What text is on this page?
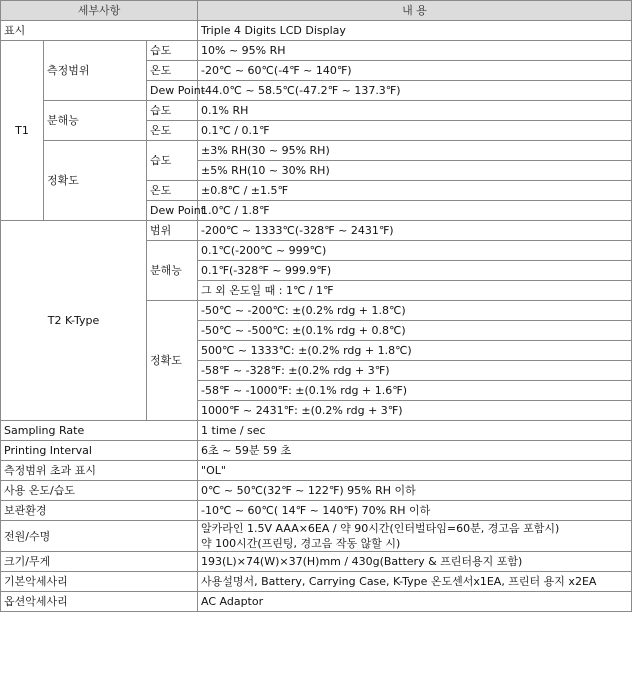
세부사항			내 용
표시			Triple 4 Digits LCD Display
T1	측정범위	습도	10% ~ 95% RH
		온도	-20℃ ~ 60℃(-4℉ ~ 140℉)
		Dew Point	-44.0℃ ~ 58.5℃(-47.2℉ ~ 137.3℉)
	분해능	습도	0.1% RH
		온도	0.1℃ / 0.1℉
	정확도	습도	±3% RH(30 ~ 95% RH)
			±5% RH(10 ~ 30% RH)
		온도	±0.8℃ / ±1.5℉
		Dew Point	1.0℃ / 1.8℉

T2 K-Type		범위	-200℃ ~ 1333℃(-328℉ ~ 2431℉)
		분해능	0.1℃(-200℃ ~ 999℃)
			0.1℉(-328℉ ~ 999.9℉)
			그 외 온도일 때 : 1℃ / 1℉
		정확도	-50℃ ~ -200℃: ±(0.2% rdg + 1.8℃)
			-50℃ ~ -500℃: ±(0.1% rdg + 0.8℃)
			500℃ ~ 1333℃: ±(0.2% rdg + 1.8℃)
			-58℉ ~ -328℉: ±(0.2% rdg + 3℉)
			-58℉ ~ -1000℉: ±(0.1% rdg + 1.6℉)
			1000℉ ~ 2431℉: ±(0.2% rdg + 3℉)
Sampling Rate			1 time / sec
Printing Interval			6초 ~ 59분 59 초
측정범위 초과 표시			"OL"
사용 온도/습도			0℃ ~ 50℃(32℉ ~ 122℉) 95% RH 이하
보관환경			-10℃ ~ 60℃( 14℉ ~ 140℉) 70% RH 이하
전원/수명			알카라인 1.5V AAA×6EA / 약 90시간(인터벌타임=60분, 경고음 포함시)
약 100시간(프린팅, 경고음 작동 않할 시)

크기/무게			193(L)×74(W)×37(H)mm / 430g(Battery & 프린터용지 포함)
기본악세사리			사용설명서, Battery, Carrying Case, K-Type 온도센서x1EA, 프린터 용지 x2EA
옵션악세사리			AC Adaptor
